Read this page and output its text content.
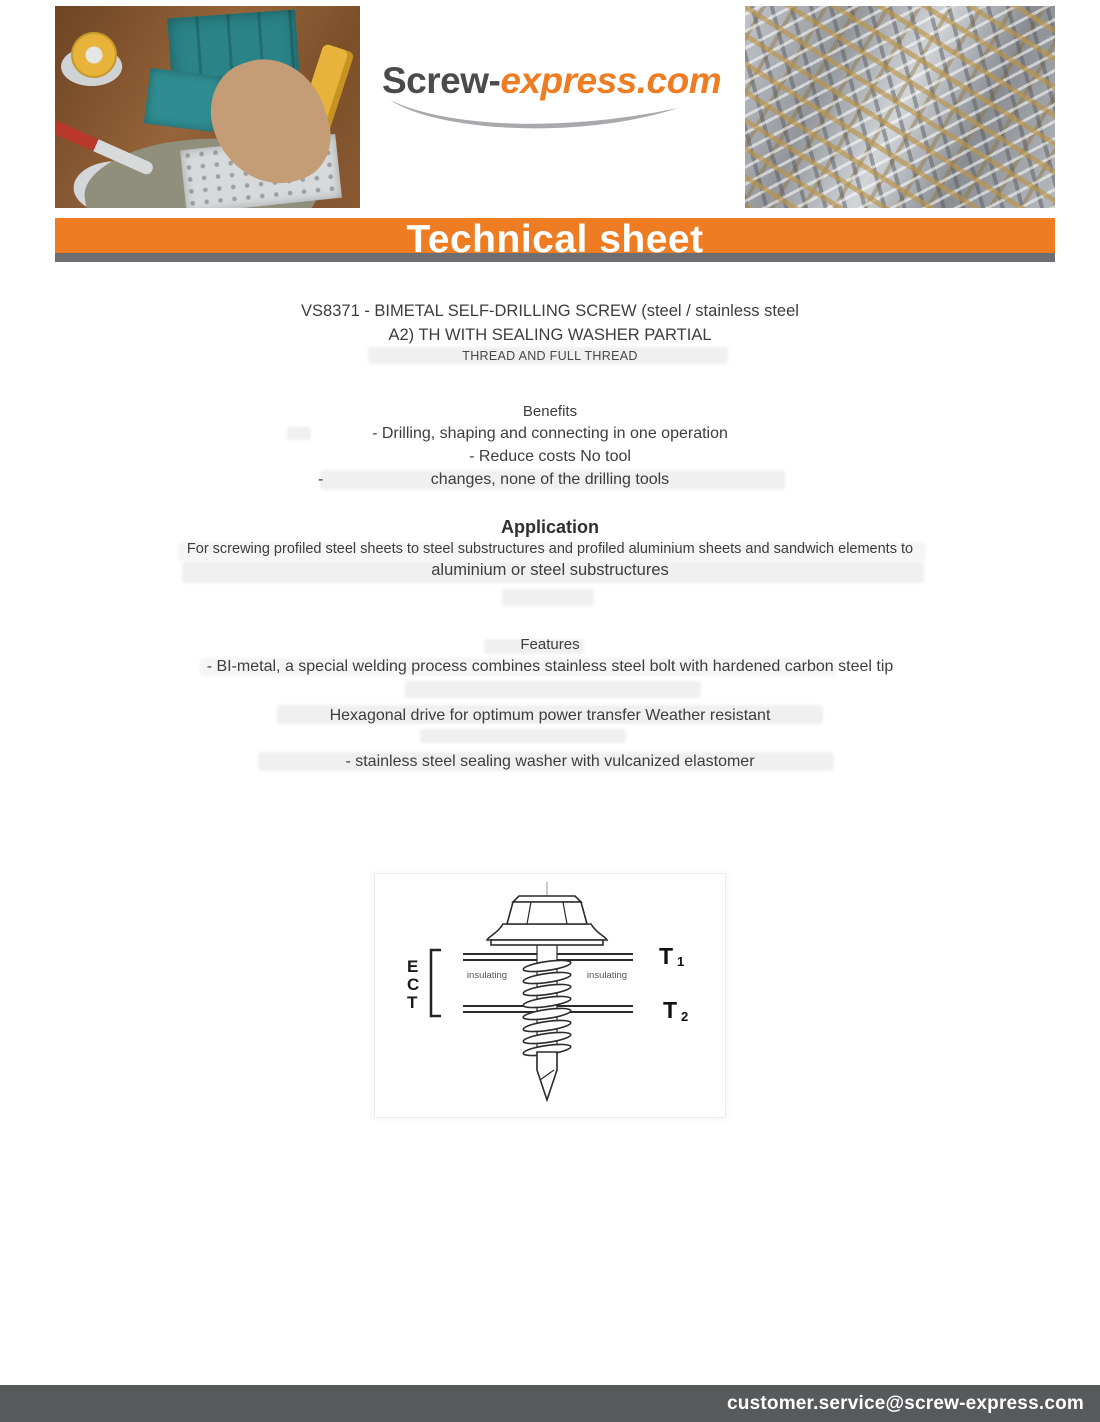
Screw-express.com
Technical sheet
VS8371 - BIMETAL SELF-DRILLING SCREW (steel / stainless steel
A2) TH WITH SEALING WASHER PARTIAL
THREAD AND FULL THREAD
Benefits
- Drilling, shaping and connecting in one operation
- Reduce costs No tool
-	changes, none of the drilling tools
Application
For screwing profiled steel sheets to steel substructures and profiled aluminium sheets and sandwich elements to
aluminium or steel substructures
Features
- BI-metal, a special welding process combines stainless steel bolt with hardened carbon steel tip
Hexagonal drive for optimum power transfer Weather resistant
- stainless steel sealing washer with vulcanized elastomer
E
C
T
insulating	insulating
T 1
T 2
customer.service@screw-express.com
